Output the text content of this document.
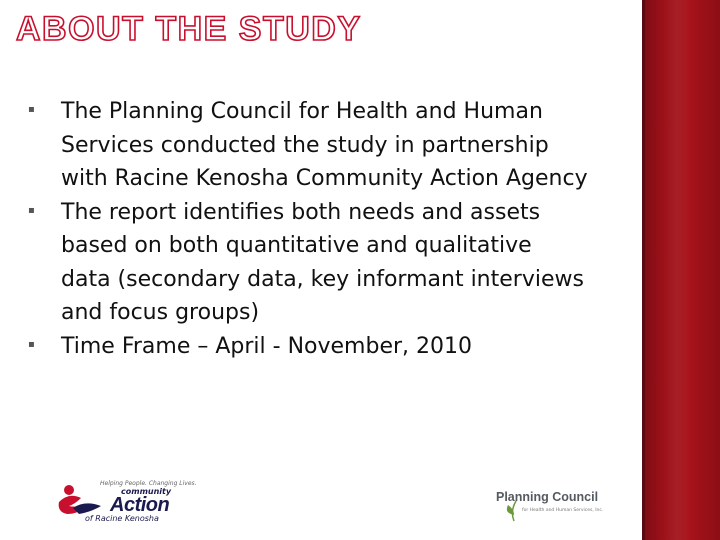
ABOUT THE STUDY
▪ The Planning Council for Health and Human Services conducted the study in partnership with Racine Kenosha Community Action Agency
▪ The report identifies both needs and assets based on both quantitative and qualitative data (secondary data, key informant interviews and focus groups)
▪ Time Frame – April - November, 2010
Helping People. Changing Lives.
community
Action
of Racine Kenosha
Planning Council
for Health and Human Services, Inc.
